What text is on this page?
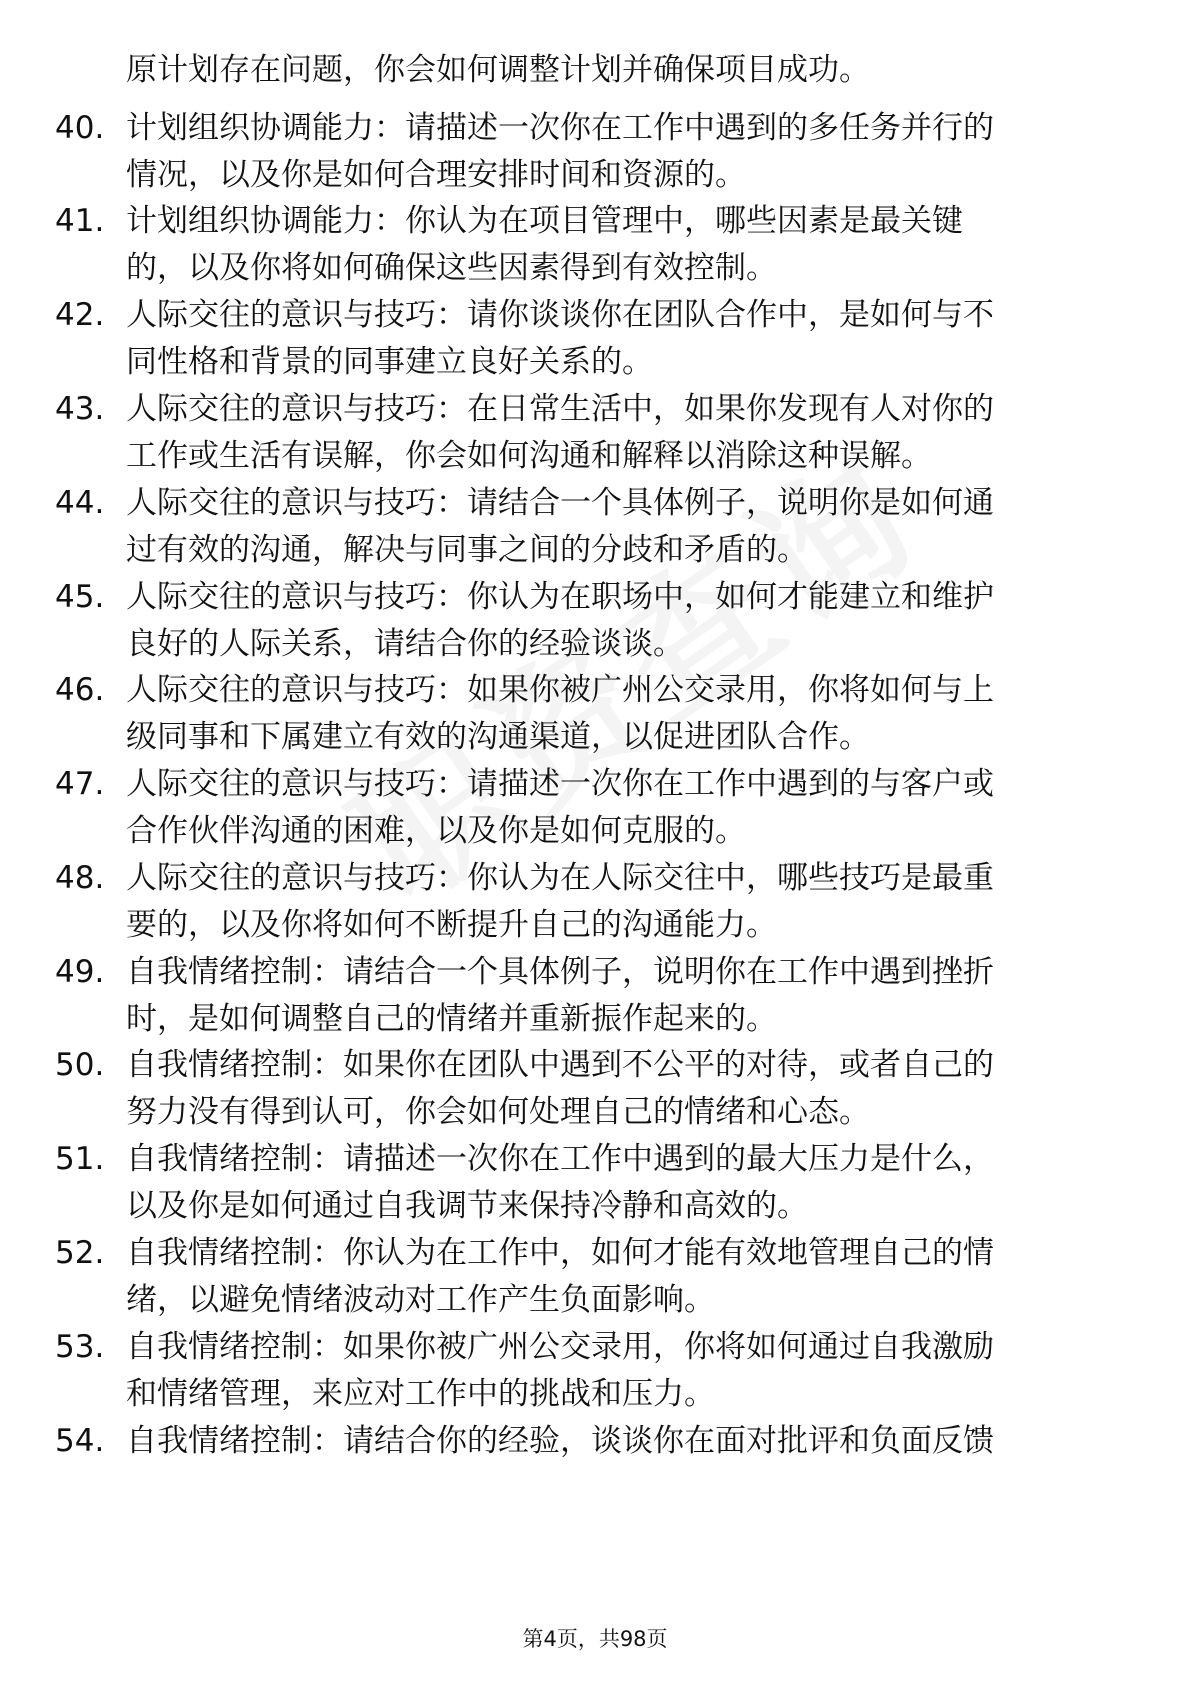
原计划存在问题，你会如何调整计划并确保项目成功。
40. 计划组织协调能力：请描述一次你在工作中遇到的多任务并行的
情况，以及你是如何合理安排时间和资源的。
41. 计划组织协调能力：你认为在项目管理中，哪些因素是最关键
的，以及你将如何确保这些因素得到有效控制。
42. 人际交往的意识与技巧：请你谈谈你在团队合作中，是如何与不
同性格和背景的同事建立良好关系的。
43. 人际交往的意识与技巧：在日常生活中，如果你发现有人对你的
工作或生活有误解，你会如何沟通和解释以消除这种误解。
44. 人际交往的意识与技巧：请结合一个具体例子，说明你是如何通
过有效的沟通，解决与同事之间的分歧和矛盾的。
45. 人际交往的意识与技巧：你认为在职场中，如何才能建立和维护
良好的人际关系，请结合你的经验谈谈。
46. 人际交往的意识与技巧：如果你被广州公交录用，你将如何与上
级同事和下属建立有效的沟通渠道，以促进团队合作。
47. 人际交往的意识与技巧：请描述一次你在工作中遇到的与客户或
合作伙伴沟通的困难，以及你是如何克服的。
48. 人际交往的意识与技巧：你认为在人际交往中，哪些技巧是最重
要的，以及你将如何不断提升自己的沟通能力。
49. 自我情绪控制：请结合一个具体例子，说明你在工作中遇到挫折
时，是如何调整自己的情绪并重新振作起来的。
50. 自我情绪控制：如果你在团队中遇到不公平的对待，或者自己的
努力没有得到认可，你会如何处理自己的情绪和心态。
51. 自我情绪控制：请描述一次你在工作中遇到的最大压力是什么，
以及你是如何通过自我调节来保持冷静和高效的。
52. 自我情绪控制：你认为在工作中，如何才能有效地管理自己的情
绪，以避免情绪波动对工作产生负面影响。
53. 自我情绪控制：如果你被广州公交录用，你将如何通过自我激励
和情绪管理，来应对工作中的挑战和压力。
54. 自我情绪控制：请结合你的经验，谈谈你在面对批评和负面反馈
第4页，共98页
